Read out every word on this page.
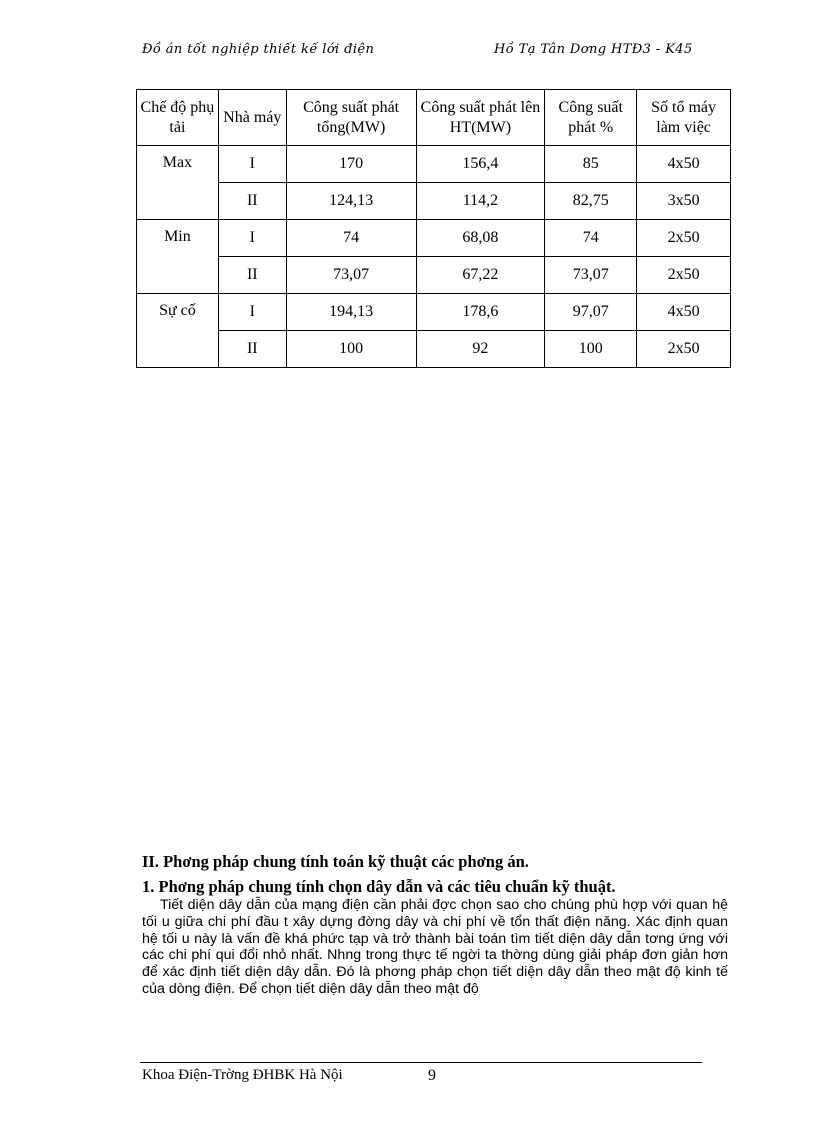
Đồ án tốt nghiệp thiết kế lới điện	Hồ Tạ Tân Dơng HTĐ3 - K45
Chế độ phụ tải	Nhà máy	Công suất phát tổng(MW)	Công suất phát lên HT(MW)	Công suất phát %	Số tổ máy làm việc
Max	I	170	156,4	85	4x50
	II	124,13	114,2	82,75	3x50
Min	I	74	68,08	74	2x50
	II	73,07	67,22	73,07	2x50
Sự cố	I	194,13	178,6	97,07	4x50
	II	100	92	100	2x50
II. Phơng pháp chung tính toán kỹ thuật các phơng án.
1. Phơng pháp chung tính chọn dây dẫn và các tiêu chuẩn kỹ thuật.

Tiết diện dây dẫn của mạng điện cần phải đợc chọn sao cho chúng phù hợp với quan hệ tối u giữa chi phí đầu t xây dựng đờng dây và chi phí về tổn thất điện năng. Xác định quan hệ tối u này là vấn đề khá phức tạp và trở thành bài toán tìm tiết diện dây dẫn tơng ứng với các chi phí qui đổi nhỏ nhất. Nhng trong thực tế ngời ta thờng dùng giải pháp đơn giản hơn để xác định tiết diện dây dẫn. Đó là phơng pháp chọn tiết diện dây dẫn theo mật độ kinh tế của dòng điện. Để chọn tiết diện dây dẫn theo mật độ

Khoa Điện-Trờng ĐHBK Hà Nội	9
